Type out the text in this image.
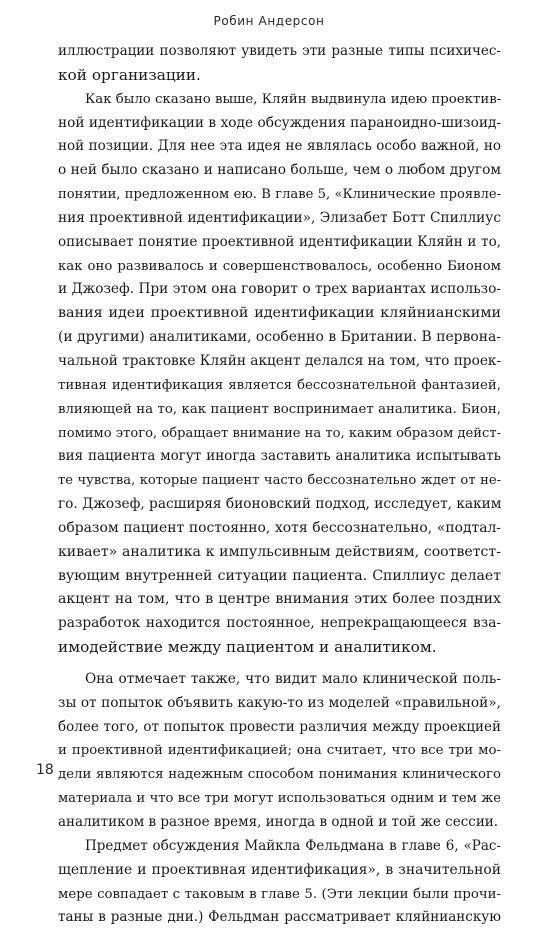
Робин Андерсон
иллюстрации позволяют увидеть эти разные типы психичес-
кой организации.
Как было сказано выше, Кляйн выдвинула идею проектив-
ной идентификации в ходе обсуждения параноидно-шизоид-
ной позиции. Для нее эта идея не являлась особо важной, но
о ней было сказано и написано больше, чем о любом другом
понятии, предложенном ею. В главе 5, «Клинические проявле-
ния проективной идентификации», Элизабет Ботт Спиллиус
описывает понятие проективной идентификации Кляйн и то,
как оно развивалось и совершенствовалось, особенно Бионом
и Джозеф. При этом она говорит о трех вариантах использо-
вания идеи проективной идентификации кляйнианскими
(и другими) аналитиками, особенно в Британии. В первона-
чальной трактовке Кляйн акцент делался на том, что проек-
тивная идентификация является бессознательной фантазией,
влияющей на то, как пациент воспринимает аналитика. Бион,
помимо этого, обращает внимание на то, каким образом дейст-
вия пациента могут иногда заставить аналитика испытывать
те чувства, которые пациент часто бессознательно ждет от не-
го. Джозеф, расширяя бионовский подход, исследует, каким
образом пациент постоянно, хотя бессознательно, «подтал-
кивает» аналитика к импульсивным действиям, соответст-
вующим внутренней ситуации пациента. Спиллиус делает
акцент на том, что в центре внимания этих более поздних
разработок находится постоянное, непрекращающееся вза-
имодействие между пациентом и аналитиком.
Она отмечает также, что видит мало клинической поль-
зы от попыток объявить какую-то из моделей «правильной»,
более того, от попыток провести различия между проекцией
и проективной идентификацией; она считает, что все три мо-
дели являются надежным способом понимания клинического
материала и что все три могут использоваться одним и тем же
аналитиком в разное время, иногда в одной и той же сессии.
Предмет обсуждения Майкла Фельдмана в главе 6, «Рас-
щепление и проективная идентификация», в значительной
мере совпадает с таковым в главе 5. (Эти лекции были прочи-
таны в разные дни.) Фельдман рассматривает кляйнианскую
18
